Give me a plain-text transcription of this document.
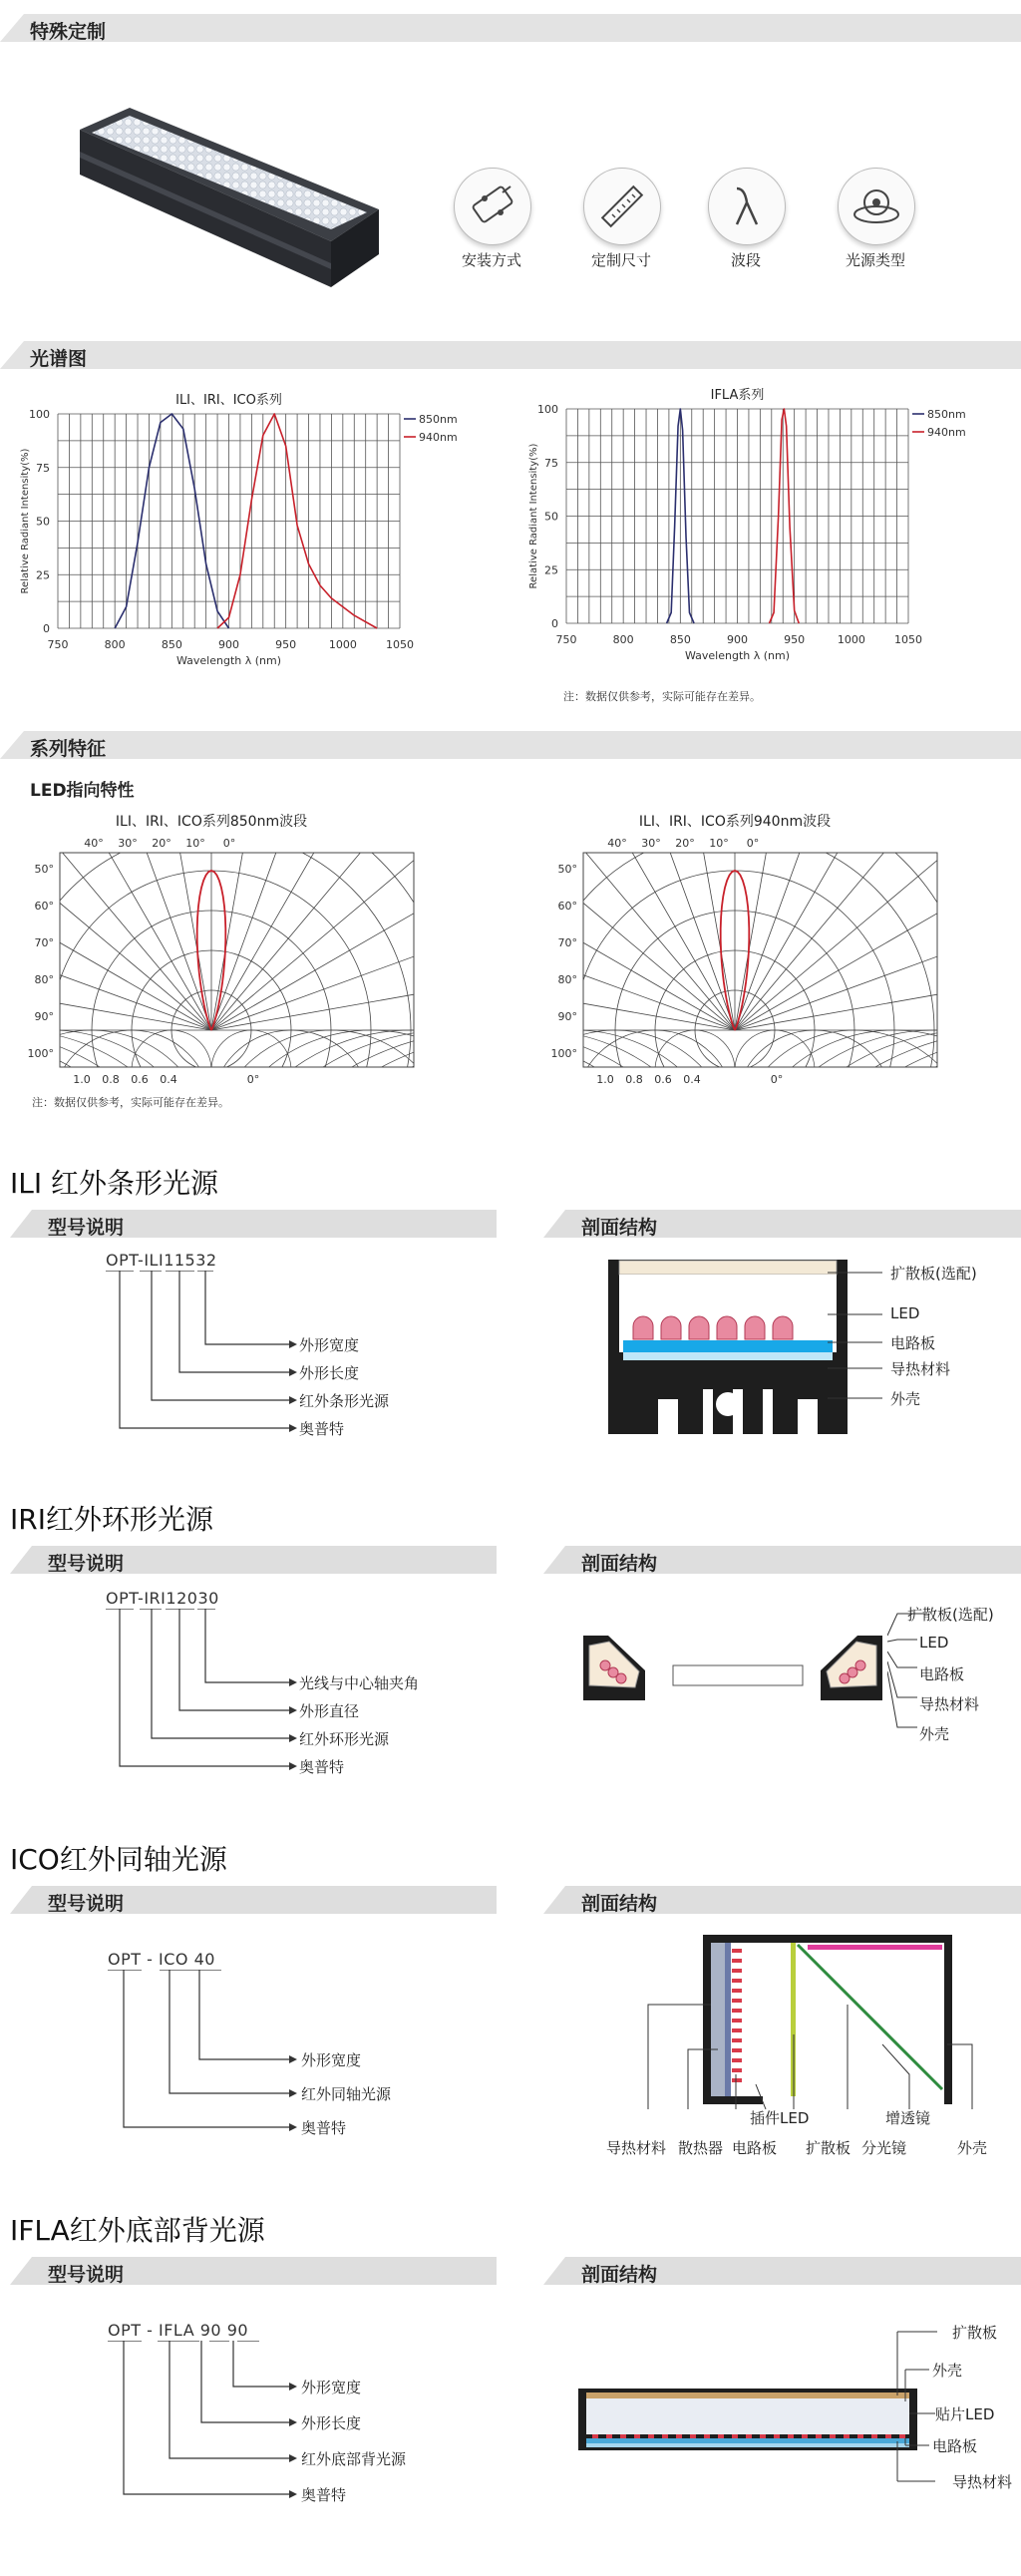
特殊定制
安装方式	定制尺寸	波段	光源类型
光谱图
ILI、IRI、ICO系列
750	800	850	900	950	1000	1050
0
25
50
75
100
Wavelength λ (nm)
Relative Radiant Intensity(%)
850nm
940nm
IFLA系列
750	800	850	900	950	1000	1050
0
25
50
75
100
Wavelength λ (nm)
Relative Radiant Intensity(%)
850nm
940nm
注：数据仅供参考，实际可能存在差异。
系列特征
LED指向特性
ILI、IRI、ICO系列850nm波段
40° 30° 20° 10° 0°
50°
60°
70°
80°
90°
100°
1.0 0.8 0.6 0.4	0°
ILI、IRI、ICO系列940nm波段
40° 30° 20° 10° 0°
50°
60°
70°
80°
90°
100°
1.0 0.8 0.6 0.4	0°
注：数据仅供参考，实际可能存在差异。
ILI 红外条形光源
型号说明	剖面结构
OPT-ILI11532
外形宽度
外形长度
红外条形光源
奥普特
扩散板(选配)
LED
电路板
导热材料
外壳
IRI红外环形光源
型号说明	剖面结构
OPT-IRI12030
光线与中心轴夹角
外形直径
红外环形光源
奥普特
扩散板(选配)
LED
电路板
导热材料
外壳
ICO红外同轴光源
型号说明	剖面结构
OPT - ICO 40
外形宽度
红外同轴光源
奥普特
导热材料 散热器 电路板
插件LED
扩散板 分光镜
增透镜
外壳
IFLA红外底部背光源
型号说明	剖面结构
OPT - IFLA 90 90
外形宽度
外形长度
红外底部背光源
奥普特
扩散板
外壳
贴片LED
电路板
导热材料
